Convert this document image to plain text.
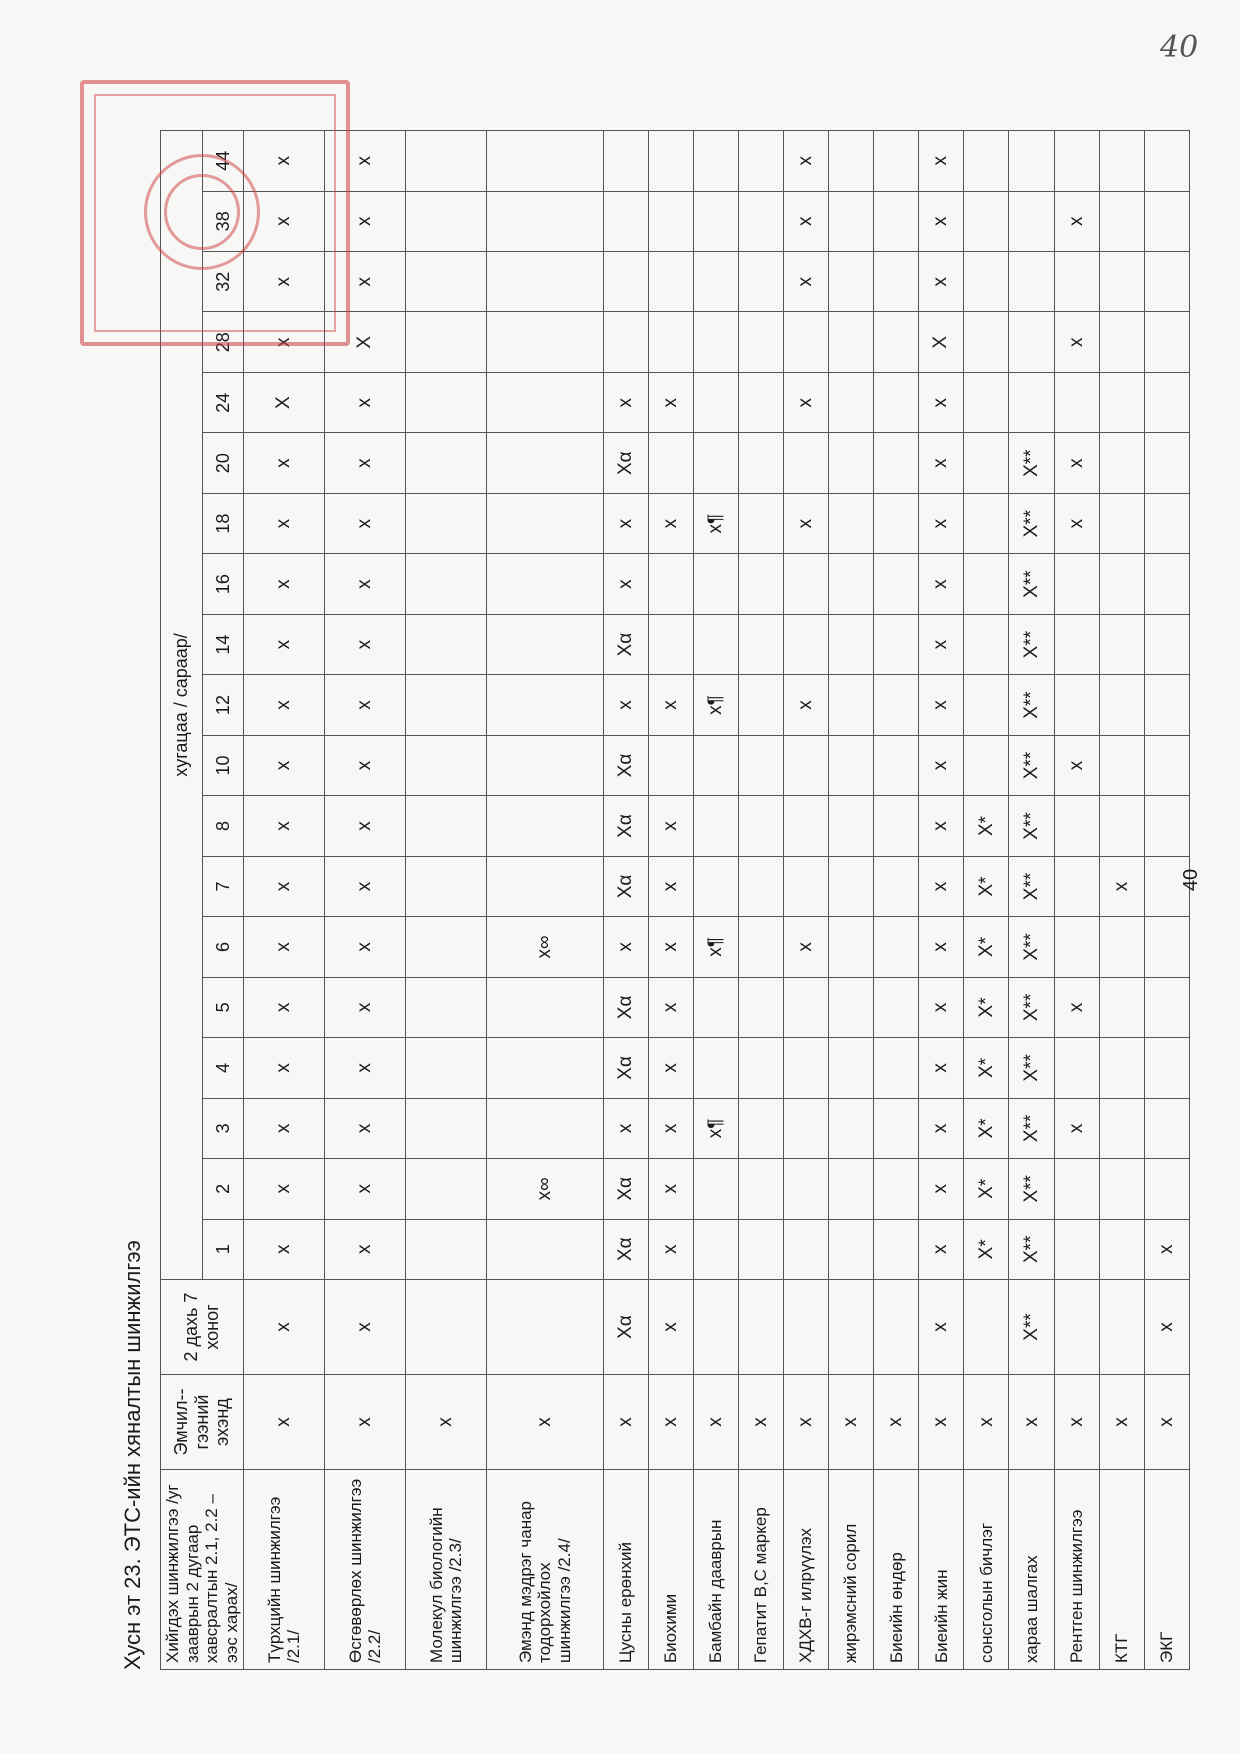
40
Хусн эт 23. ЭТС-ийн хяналтын шинжилгээ Хийгдэх шинжилгээ /уг зааврын 2 дугаар хавсралтын 2.1, 2.2 –ээс харах/	Эмчил--гээний эхэнд	2 дахь 7 хоног	хугацаа / сараар/																		
			1	2	3	4	5	6	7	8	10	12	14	16	18	20	24	28	32	38	44
Түрхцийн шинжилгээ /2.1/	x	x	x	x	x	x	x	x	x	x	x	x	x	x	x	x	X	x	x	x	x
Өсгөвөрлөх шинжилгээ /2.2/	x	x	x	x	x	x	x	x	x	x	x	x	x	x	x	x	x	X	x	x	x
Молекул биологийн шинжилгээ /2.3/	x																				
Эмэнд мэдрэг чанар тодорхойлох шинжилгээ /2.4/	x			x∞				x∞													
Цусны ерөнхий	x	Xα	Xα	Xα	x	Xα	Xα	x	Xα	Xα	Xα	x	Xα	x	x	Xα	x				
Биохими	x	x	x	x	x	x	x	x	x	x		x			x		x				
Бамбайн дааврын	x				x¶			x¶				x¶			x¶						
Гепатит В,С маркер	x																				
ХДХВ-г илрүүлэх	x							x				x			x		x		x	x	x
жирэмсний сорил	x																				
Биеийн өндөр	x																				
Биеийн жин	x	x	x	x	x	x	x	x	x	x	x	x	x	x	x	x	x	X	x	x	x
сонсголын бичлэг	x		X*	X*	X*	X*	X*	X*	X*	X*											
хараа шалгах	x	X**	X**	X**	X**	X**	X**	X**	X**	X**	X**	X**	X**	X**	X**	X**					
Рентген шинжилгээ	x				x		x				x				x	x		x		x	
КТГ	x								x												
ЭКГ	x	x	x																		
40
